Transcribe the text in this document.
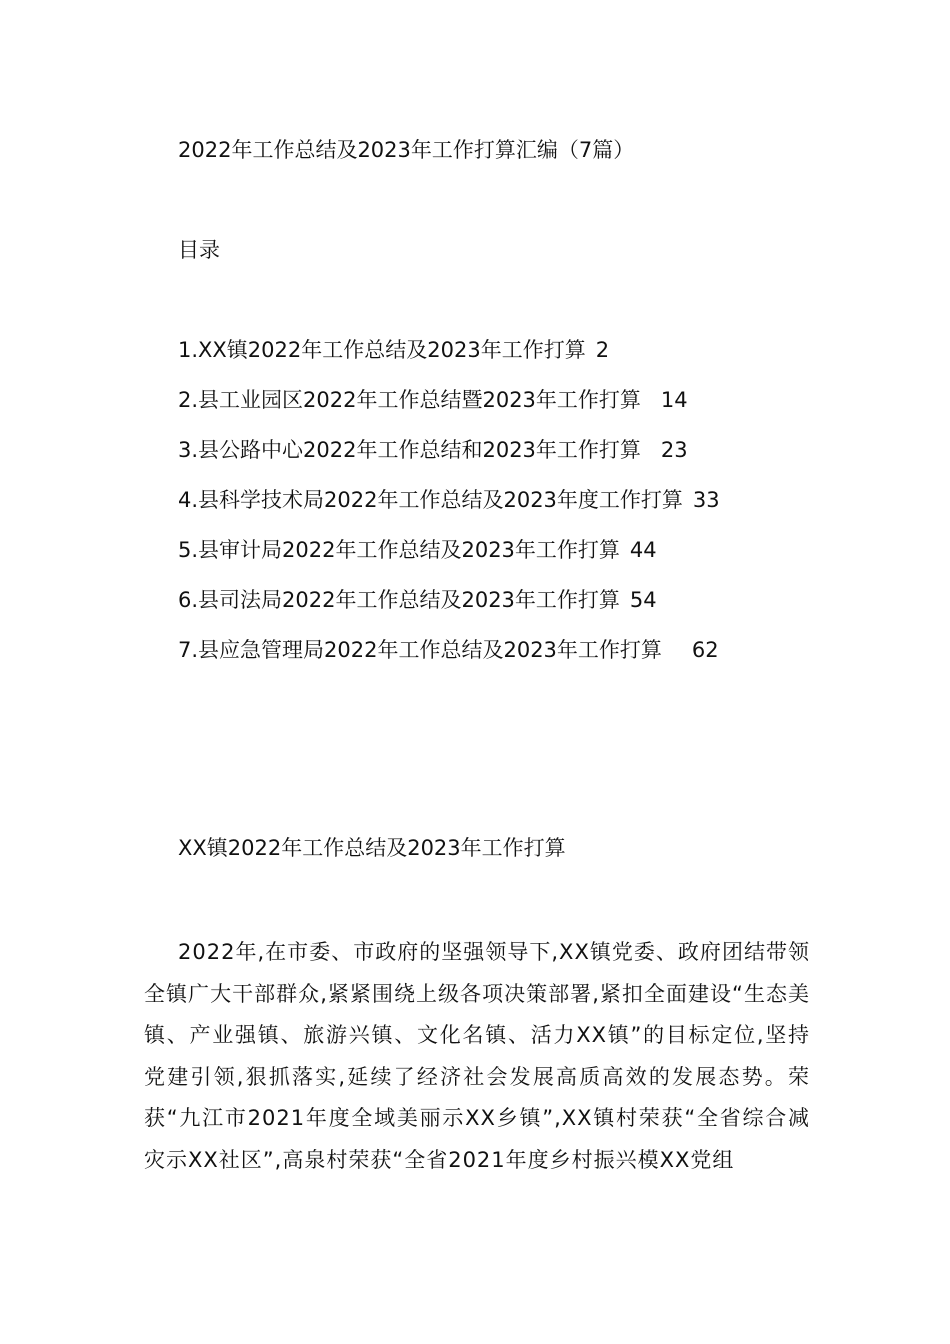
2022年工作总结及2023年工作打算汇编（7篇）
目录
1.XX镇2022年工作总结及2023年工作打算 2
2.县工业园区2022年工作总结暨2023年工作打算 14
3.县公路中心2022年工作总结和2023年工作打算 23
4.县科学技术局2022年工作总结及2023年度工作打算 33
5.县审计局2022年工作总结及2023年工作打算 44
6.县司法局2022年工作总结及2023年工作打算 54
7.县应急管理局2022年工作总结及2023年工作打算 62
XX镇2022年工作总结及2023年工作打算

2022年,在市委、市政府的坚强领导下,XX镇党委、政府团结带领全镇广大干部群众,紧紧围绕上级各项决策部署,紧扣全面建设“生态美镇、产业强镇、旅游兴镇、文化名镇、活力XX镇”的目标定位,坚持党建引领,狠抓落实,延续了经济社会发展高质高效的发展态势。荣获“九江市2021年度全域美丽示XX乡镇”,XX镇村荣获“全省综合减灾示XX社区”,高泉村荣获“全省2021年度乡村振兴模XX党组
